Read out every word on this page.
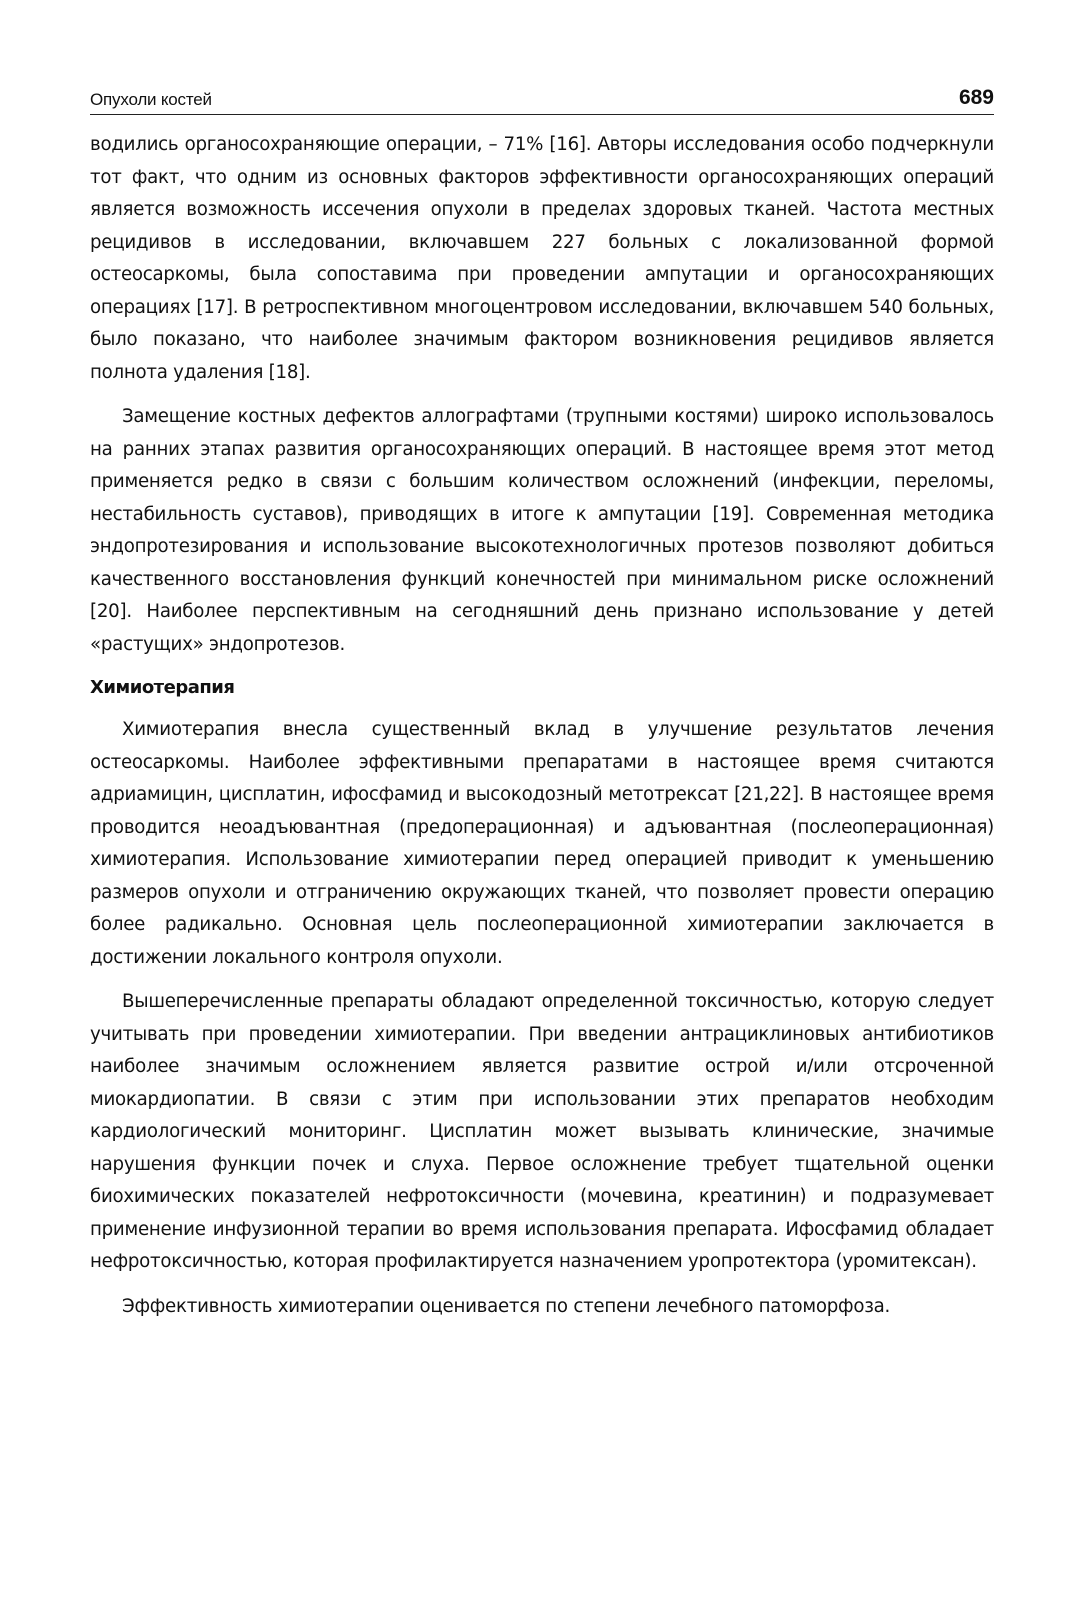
Опухоли костей	689

водились органосохраняющие операции, – 71% [16]. Авторы исследования особо подчеркнули тот факт, что одним из основных факторов эффективности органосохраняющих операций является возможность иссечения опухоли в пределах здоровых тканей. Частота местных рецидивов в исследовании, включавшем 227 больных с локализованной формой остеосаркомы, была сопоставима при проведении ампутации и органосохраняющих операциях [17]. В ретроспективном многоцентровом исследовании, включавшем 540 больных, было показано, что наиболее значимым фактором возникновения рецидивов является полнота удаления [18].

Замещение костных дефектов аллографтами (трупными костями) широко использовалось на ранних этапах развития органосохраняющих операций. В настоящее время этот метод применяется редко в связи с большим количеством осложнений (инфекции, переломы, нестабильность суставов), приводящих в итоге к ампутации [19]. Современная методика эндопротезирования и использование высокотехнологичных протезов позволяют добиться качественного восстановления функций конечностей при минимальном риске осложнений [20]. Наиболее перспективным на сегодняшний день признано использование у детей «растущих» эндопротезов.

Химиотерапия

Химиотерапия внесла существенный вклад в улучшение результатов лечения остеосаркомы. Наиболее эффективными препаратами в настоящее время считаются адриамицин, цисплатин, ифосфамид и высокодозный метотрексат [21,22]. В настоящее время проводится неоадъювантная (предоперационная) и адъювантная (послеоперационная) химиотерапия. Использование химиотерапии перед операцией приводит к уменьшению размеров опухоли и отграничению окружающих тканей, что позволяет провести операцию более радикально. Основная цель послеоперационной химиотерапии заключается в достижении локального контроля опухоли.

Вышеперечисленные препараты обладают определенной токсичностью, которую следует учитывать при проведении химиотерапии. При введении антрациклиновых антибиотиков наиболее значимым осложнением является развитие острой и/или отсроченной миокардиопатии. В связи с этим при использовании этих препаратов необходим кардиологический мониторинг. Цисплатин может вызывать клинические, значимые нарушения функции почек и слуха. Первое осложнение требует тщательной оценки биохимических показателей нефротоксичности (мочевина, креатинин) и подразумевает применение инфузионной терапии во время использования препарата. Ифосфамид обладает нефротоксичностью, которая профилактируется назначением уропротектора (уромитексан).

Эффективность химиотерапии оценивается по степени лечебного патоморфоза.
